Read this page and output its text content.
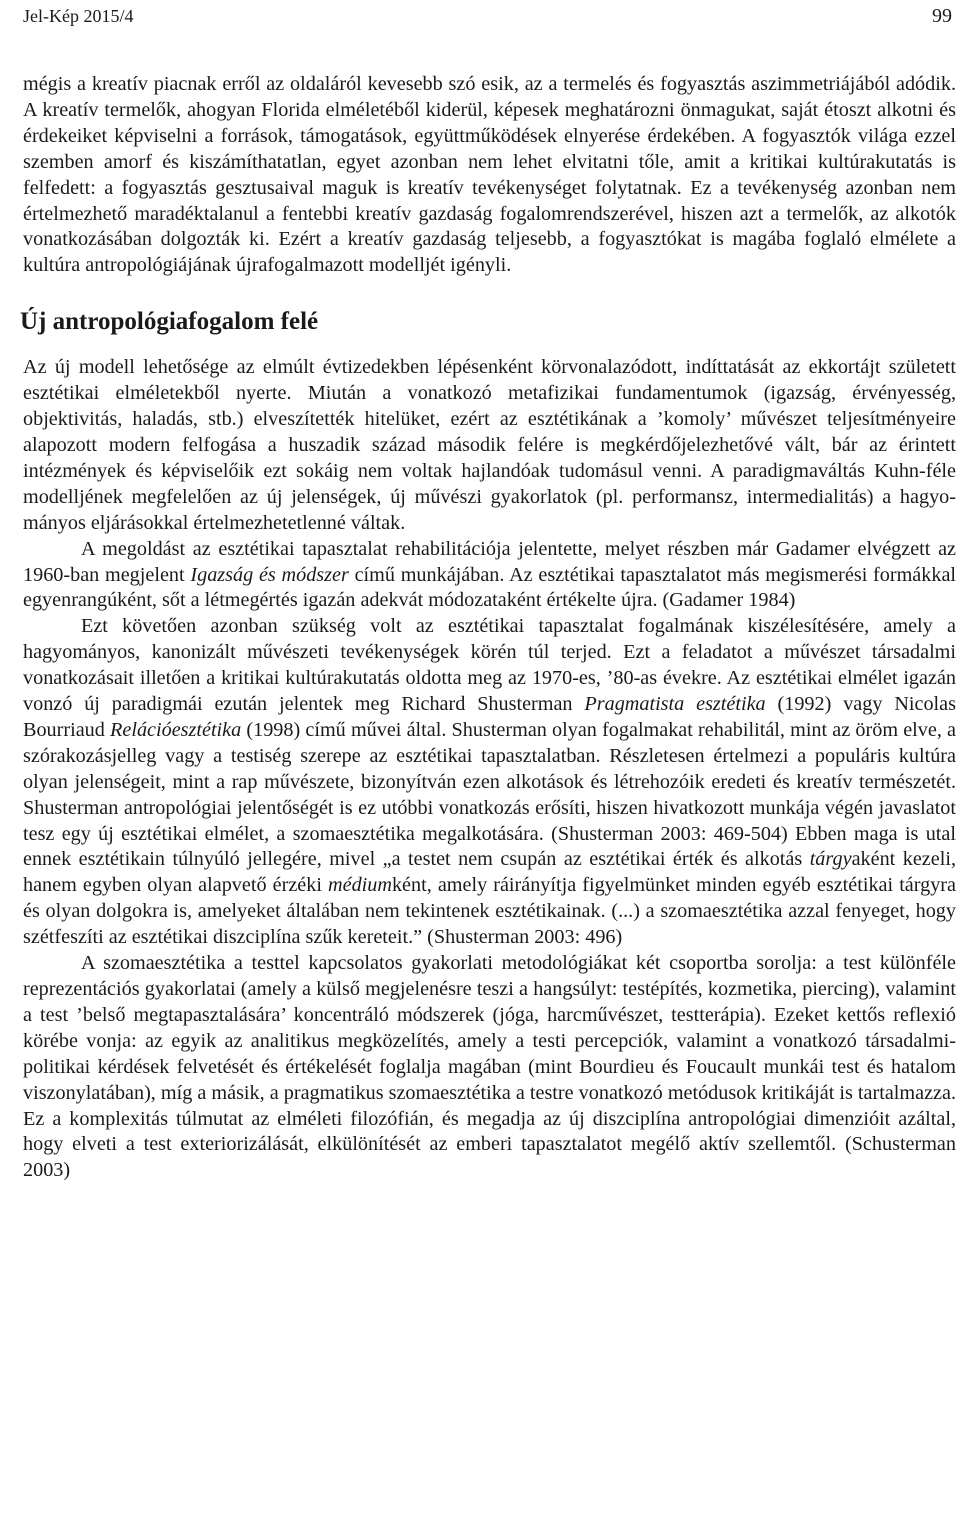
Jel-Kép 2015/4	99

mégis a kreatív piacnak erről az oldaláról kevesebb szó esik, az a termelés és fogyasztás aszimmetriájából adódik. A kreatív termelők, ahogyan Florida elméletéből kiderül, képesek meghatározni önmagukat, saját étoszt alkotni és érdekeiket képviselni a források, támogatások, együttműködések elnyerése érdekében. A fogyasztók világa ezzel szemben amorf és kiszámíthatatlan, egyet azonban nem lehet elvitatni tőle, amit a kritikai kultúrakutatás is felfedett: a fogyasztás gesztusaival maguk is kreatív tevékenységet folytatnak. Ez a tevékenység azonban nem értelmezhető maradéktalanul a fentebbi kreatív gazdaság fogalomrendszerével, hiszen azt a termelők, az alkotók vonatkozásában dolgozták ki. Ezért a kreatív gazdaság teljesebb, a fogyasztókat is magába foglaló elmélete a kultúra antropológiájának újrafogalmazott modelljét igényli.

Új antropológiafogalom felé

Az új modell lehetősége az elmúlt évtizedekben lépésenként körvonalazódott, indíttatását az ekkortájt született esztétikai elméletekből nyerte. Miután a vonatkozó metafizikai fundamentumok (igazság, érvényesség, objektivitás, haladás, stb.) elveszítették hitelüket, ezért az esztétikának a ’komoly’ művészet teljesítményeire alapozott modern felfogása a huszadik század második felére is megkérdőjelezhetővé vált, bár az érintett intézmények és képviselőik ezt sokáig nem voltak hajlandóak tudomásul venni. A paradigmaváltás Kuhn-féle modelljének megfelelően az új jelenségek, új művészi gyakorlatok (pl. performansz, intermedialitás) a hagyományos eljárásokkal értelmezhetetlenné váltak.

A megoldást az esztétikai tapasztalat rehabilitációja jelentette, melyet részben már Gadamer elvégzett az 1960-ban megjelent Igazság és módszer című munkájában. Az esztétikai tapasztalatot más megismerési formákkal egyenrangúként, sőt a létmegértés igazán adekvát módozataként értékelte újra. (Gadamer 1984)

Ezt követően azonban szükség volt az esztétikai tapasztalat fogalmának kiszélesítésére, amely a hagyományos, kanonizált művészeti tevékenységek körén túl terjed. Ezt a feladatot a művészet társadalmi vonatkozásait illetően a kritikai kultúrakutatás oldotta meg az 1970-es, ’80-as évekre. Az esztétikai elmélet igazán vonzó új paradigmái ezután jelentek meg Richard Shusterman Pragmatista esztétika (1992) vagy Nicolas Bourriaud Relációesztétika (1998) című művei által. Shusterman olyan fogalmakat rehabilitál, mint az öröm elve, a szórakozásjelleg vagy a testiség szerepe az esztétikai tapasztalatban. Részletesen értelmezi a populáris kultúra olyan jelenségeit, mint a rap művészete, bizonyítván ezen alkotások és létrehozóik eredeti és kreatív természetét. Shusterman antropológiai jelentőségét is ez utóbbi vonatkozás erősíti, hiszen hivatkozott munkája végén javaslatot tesz egy új esztétikai elmélet, a szomaesztétika megalkotására. (Shusterman 2003: 469-504) Ebben maga is utal ennek esztétikain túlnyúló jellegére, mivel „a testet nem csupán az esztétikai érték és alkotás tárgyaként kezeli, hanem egyben olyan alapvető érzéki médiumként, amely ráirányítja figyelmünket minden egyéb esztétikai tárgyra és olyan dolgokra is, amelyeket általában nem tekintenek esztétikainak. (...) a szomaesztétika azzal fenyeget, hogy szétfeszíti az esztétikai diszciplína szűk kereteit.” (Shusterman 2003: 496)

A szomaesztétika a testtel kapcsolatos gyakorlati metodológiákat két csoportba sorolja: a test különféle reprezentációs gyakorlatai (amely a külső megjelenésre teszi a hangsúlyt: testépítés, kozmetika, piercing), valamint a test ’belső megtapasztalására’ koncentráló módszerek (jóga, harcművészet, testterápia). Ezeket kettős reflexió körébe vonja: az egyik az analitikus megközelítés, amely a testi percepciók, valamint a vonatkozó társadalmi-politikai kérdések felvetését és értékelését foglalja magában (mint Bourdieu és Foucault munkái test és hatalom viszonylatában), míg a másik, a pragmatikus szomaesztétika a testre vonatkozó metódusok kritikáját is tartalmazza. Ez a komplexitás túlmutat az elméleti filozófián, és megadja az új diszciplína antropológiai dimenzióit azáltal, hogy elveti a test exteriorizálását, elkülönítését az emberi tapasztalatot megélő aktív szellemtől. (Schusterman 2003)
